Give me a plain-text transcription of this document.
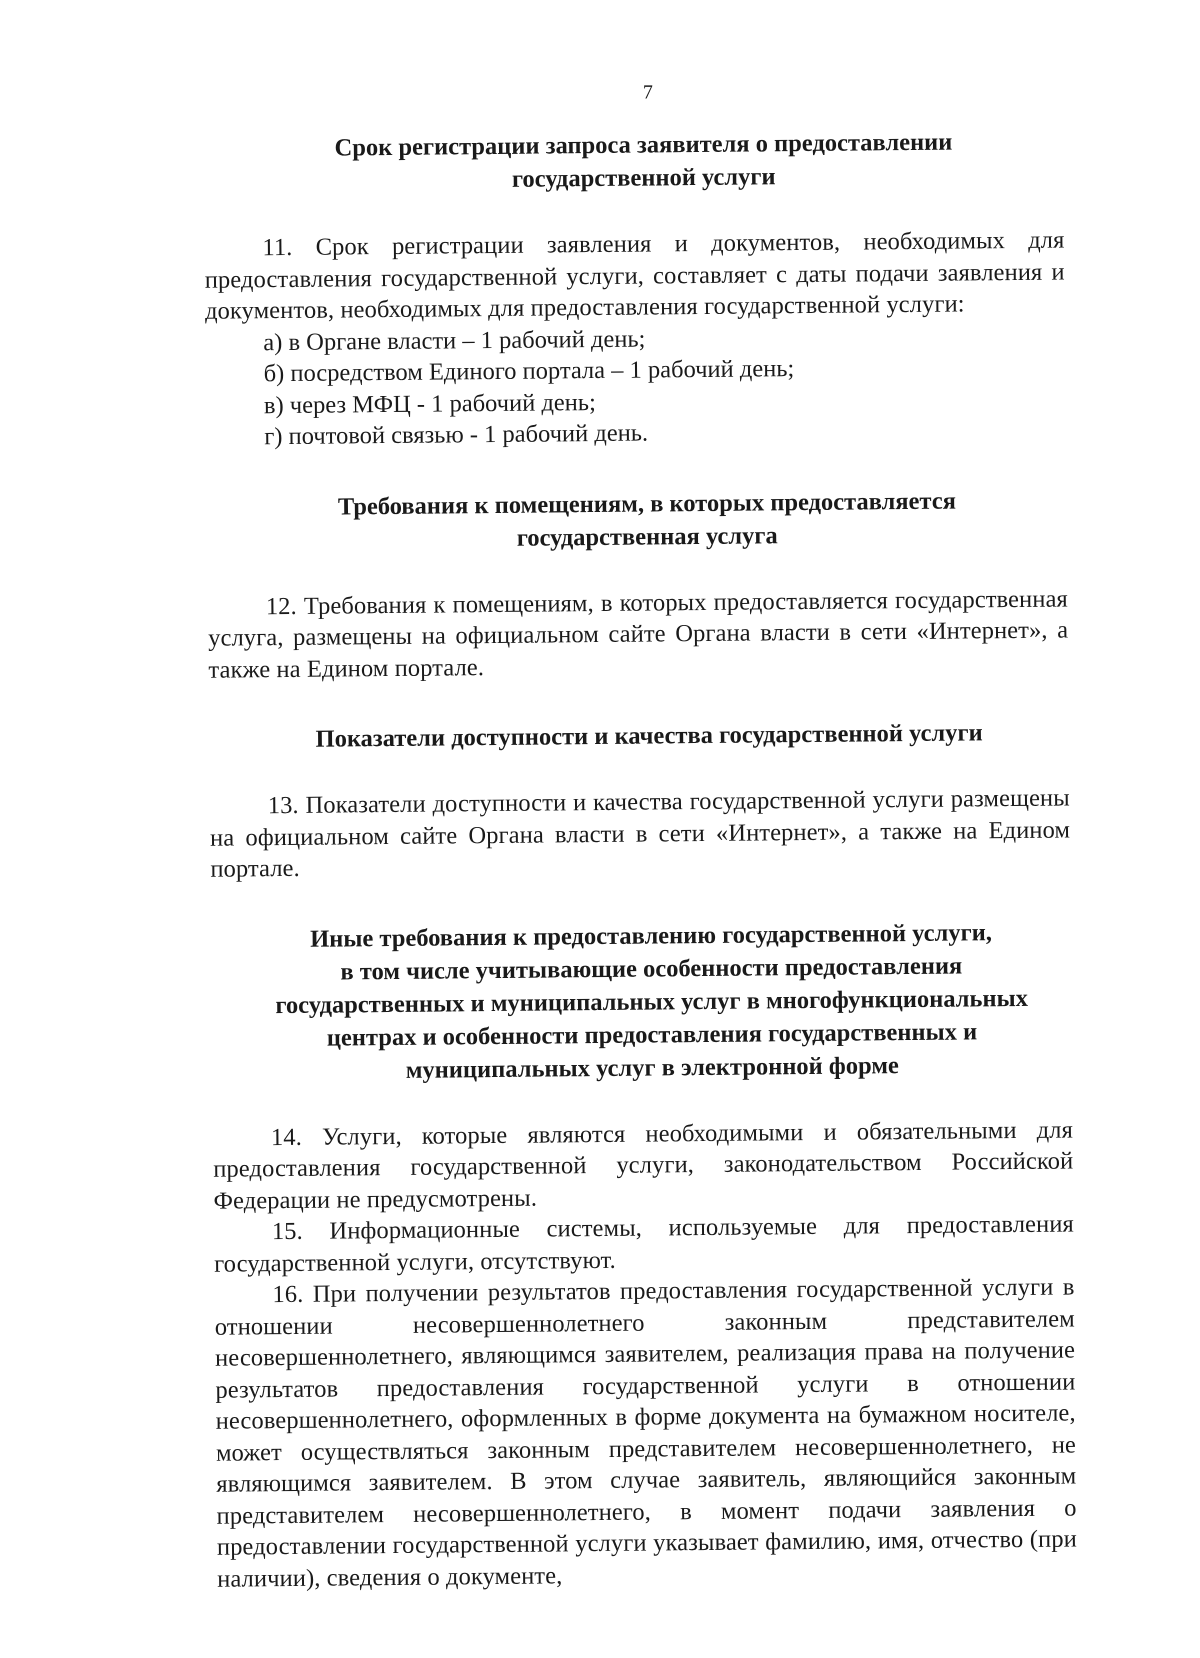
7
Срок регистрации запроса заявителя о предоставлении
государственной услуги

11. Срок регистрации заявления и документов, необходимых для предоставления государственной услуги, составляет с даты подачи заявления и документов, необходимых для предоставления государственной услуги:

а) в Органе власти – 1 рабочий день;

б) посредством Единого портала – 1 рабочий день;

в) через МФЦ - 1 рабочий день;

г) почтовой связью - 1 рабочий день.

Требования к помещениям, в которых предоставляется
государственная услуга

12. Требования к помещениям, в которых предоставляется государственная услуга, размещены на официальном сайте Органа власти в сети «Интернет», а также на Едином портале.

Показатели доступности и качества государственной услуги

13. Показатели доступности и качества государственной услуги размещены на официальном сайте Органа власти в сети «Интернет», а также на Едином портале.

Иные требования к предоставлению государственной услуги,
в том числе учитывающие особенности предоставления
государственных и муниципальных услуг в многофункциональных
центрах и особенности предоставления государственных и
муниципальных услуг в электронной форме

14. Услуги, которые являются необходимыми и обязательными для предоставления государственной услуги, законодательством Российской Федерации не предусмотрены.

15. Информационные системы, используемые для предоставления государственной услуги, отсутствуют.

16. При получении результатов предоставления государственной услуги в отношении несовершеннолетнего законным представителем несовершеннолетнего, являющимся заявителем, реализация права на получение результатов предоставления государственной услуги в отношении несовершеннолетнего, оформленных в форме документа на бумажном носителе, может осуществляться законным представителем несовершеннолетнего, не являющимся заявителем. В этом случае заявитель, являющийся законным представителем несовершеннолетнего, в момент подачи заявления о предоставлении государственной услуги указывает фамилию, имя, отчество (при наличии), сведения о документе,
